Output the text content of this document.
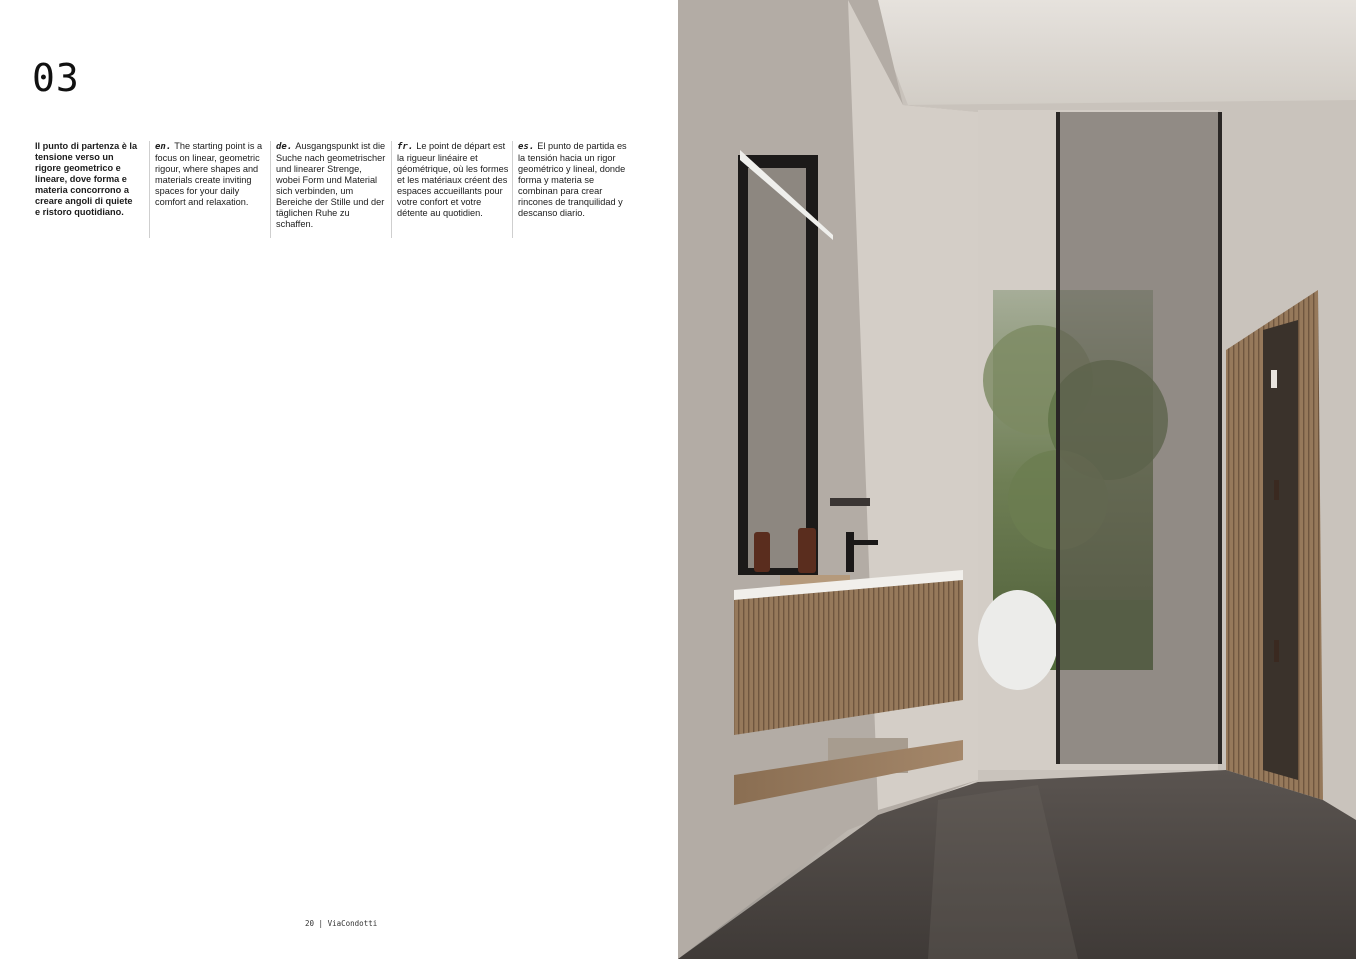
03
Il punto di partenza è la tensione verso un rigore geometrico e lineare, dove forma e materia concorrono a creare angoli di quiete e ristoro quotidiano.
en. The starting point is a focus on linear, geometric rigour, where shapes and materials create inviting spaces for your daily comfort and relaxation.
de. Ausgangspunkt ist die Suche nach geometrischer und linearer Strenge, wobei Form und Material sich verbinden, um Bereiche der Stille und der täglichen Ruhe zu schaffen.
fr. Le point de départ est la rigueur linéaire et géométrique, où les formes et les matériaux créent des espaces accueillants pour votre confort et votre détente au quotidien.
es. El punto de partida es la tensión hacia un rigor geométrico y lineal, donde forma y materia se combinan para crear rincones de tranquilidad y descanso diario.
20 | ViaCondotti
